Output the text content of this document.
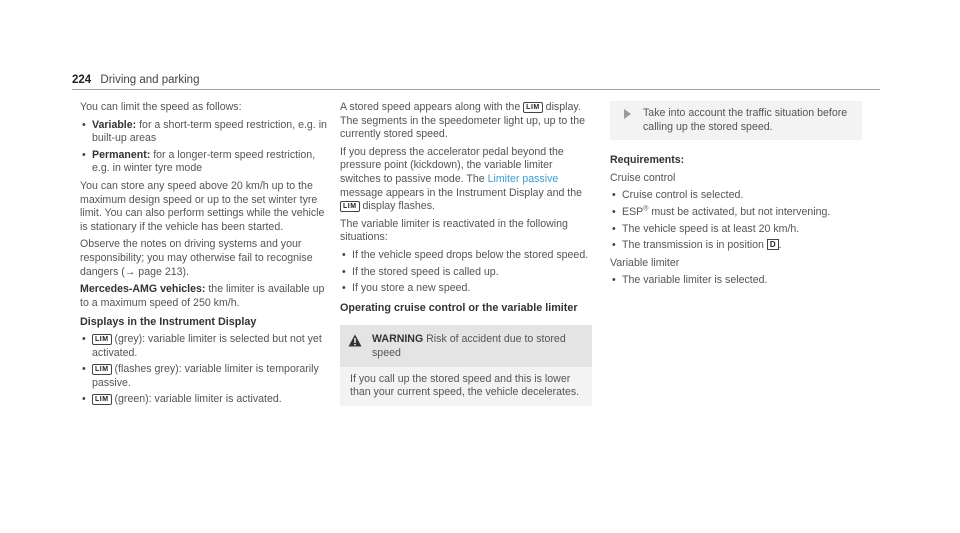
224 Driving and parking

You can limit the speed as follows:

• Variable: for a short-term speed restriction, e.g. in built-up areas
• Permanent: for a longer-term speed restriction, e.g. in winter tyre mode

You can store any speed above 20 km/h up to the maximum design speed or up to the set winter tyre limit. You can also perform settings while the vehicle is stationary if the vehicle has been started.

Observe the notes on driving systems and your responsibility; you may otherwise fail to recognise dangers (→ page 213).

Mercedes-AMG vehicles: the limiter is available up to a maximum speed of 250 km/h.

Displays in the Instrument Display
• LIM (grey): variable limiter is selected but not yet activated.
• LIM (flashes grey): variable limiter is temporarily passive.
• LIM (green): variable limiter is activated.

A stored speed appears along with the LIM display. The segments in the speedometer light up, up to the currently stored speed.

If you depress the accelerator pedal beyond the pressure point (kickdown), the variable limiter switches to passive mode. The Limiter passive message appears in the Instrument Display and the LIM display flashes.

The variable limiter is reactivated in the following situations:

• If the vehicle speed drops below the stored speed.
• If the stored speed is called up.
• If you store a new speed.
Operating cruise control or the variable limiter
WARNING Risk of accident due to stored speed
If you call up the stored speed and this is lower than your current speed, the vehicle decelerates.
Take into account the traffic situation before calling up the stored speed.
Requirements:

Cruise control

• Cruise control is selected.
• ESP® must be activated, but not intervening.
• The vehicle speed is at least 20 km/h.
• The transmission is in position D .

Variable limiter

• The variable limiter is selected.
